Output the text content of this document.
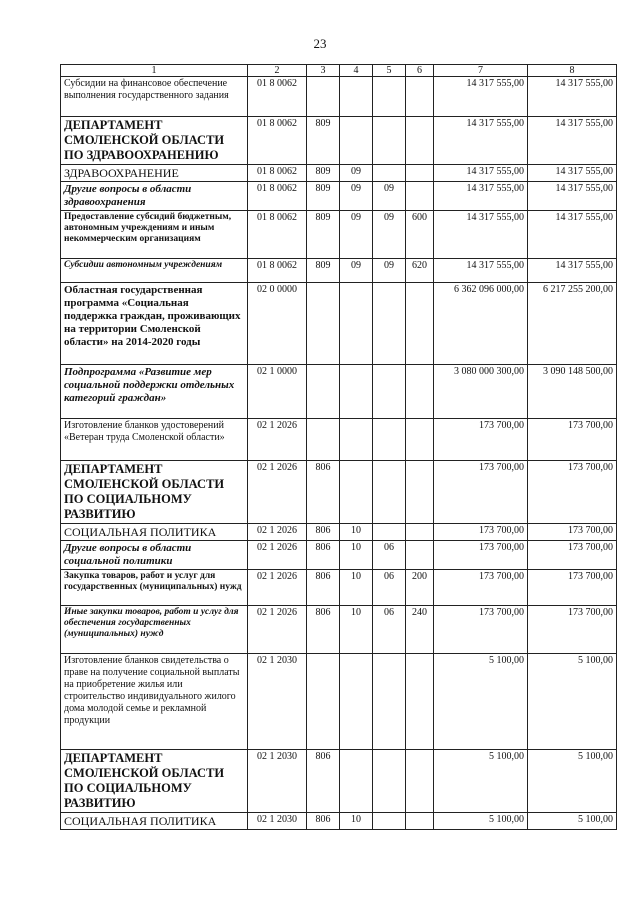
23
1	2	3	4	5	6	7	8
Субсидии на финансовое обеспечение выполнения государственного задания	01 8 0062					14 317 555,00	14 317 555,00
ДЕПАРТАМЕНТ СМОЛЕНСКОЙ ОБЛАСТИ ПО ЗДРАВООХРАНЕНИЮ	01 8 0062	809				14 317 555,00	14 317 555,00
ЗДРАВООХРАНЕНИЕ	01 8 0062	809	09			14 317 555,00	14 317 555,00
Другие вопросы в области здравоохранения	01 8 0062	809	09	09		14 317 555,00	14 317 555,00
Предоставление субсидий бюджетным, автономным учреждениям и иным некоммерческим организациям	01 8 0062	809	09	09	600	14 317 555,00	14 317 555,00
Субсидии автономным учреждениям	01 8 0062	809	09	09	620	14 317 555,00	14 317 555,00
Областная государственная программа «Социальная поддержка граждан, проживающих на территории Смоленской области» на 2014-2020 годы	02 0 0000					6 362 096 000,00	6 217 255 200,00
Подпрограмма «Развитие мер социальной поддержки отдельных категорий граждан»	02 1 0000					3 080 000 300,00	3 090 148 500,00
Изготовление бланков удостоверений «Ветеран труда Смоленской области»	02 1 2026					173 700,00	173 700,00
ДЕПАРТАМЕНТ СМОЛЕНСКОЙ ОБЛАСТИ ПО СОЦИАЛЬНОМУ РАЗВИТИЮ	02 1 2026	806				173 700,00	173 700,00
СОЦИАЛЬНАЯ ПОЛИТИКА	02 1 2026	806	10			173 700,00	173 700,00
Другие вопросы в области социальной политики	02 1 2026	806	10	06		173 700,00	173 700,00
Закупка товаров, работ и услуг для государственных (муниципальных) нужд	02 1 2026	806	10	06	200	173 700,00	173 700,00
Иные закупки товаров, работ и услуг для обеспечения государственных (муниципальных) нужд	02 1 2026	806	10	06	240	173 700,00	173 700,00
Изготовление бланков свидетельства о праве на получение социальной выплаты на приобретение жилья или строительство индивидуального жилого дома молодой семье и рекламной продукции	02 1 2030					5 100,00	5 100,00
ДЕПАРТАМЕНТ СМОЛЕНСКОЙ ОБЛАСТИ ПО СОЦИАЛЬНОМУ РАЗВИТИЮ	02 1 2030	806				5 100,00	5 100,00
СОЦИАЛЬНАЯ ПОЛИТИКА	02 1 2030	806	10			5 100,00	5 100,00
